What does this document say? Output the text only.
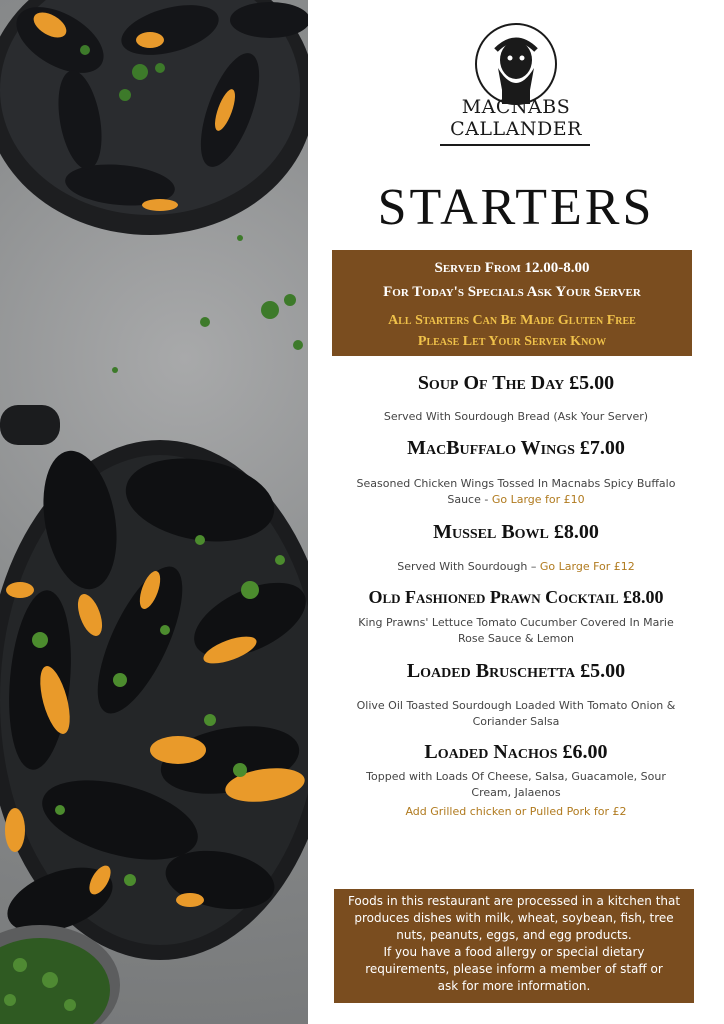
MACNABS
CALLANDER
STARTERS
Served From 12.00-8.00
For Today's Specials Ask Your Server
All Starters Can Be Made Gluten Free
Please Let Your Server Know
Soup Of The Day £5.00
Served With Sourdough Bread (Ask Your Server)
MacBuffalo Wings £7.00
Seasoned Chicken Wings Tossed In Macnabs Spicy Buffalo Sauce - Go Large for £10
Mussel Bowl £8.00
Served With Sourdough – Go Large For £12
Old Fashioned Prawn Cocktail £8.00
King Prawns' Lettuce Tomato Cucumber Covered In Marie Rose Sauce & Lemon
Loaded Bruschetta £5.00
Olive Oil Toasted Sourdough Loaded With Tomato Onion & Coriander Salsa
Loaded Nachos £6.00
Topped with Loads Of Cheese, Salsa, Guacamole, Sour Cream, Jalaenos
Add Grilled chicken or Pulled Pork for £2
Foods in this restaurant are processed in a kitchen that
produces dishes with milk, wheat, soybean, fish, tree
nuts, peanuts, eggs, and egg products.
If you have a food allergy or special dietary
requirements, please inform a member of staff or
ask for more information.
